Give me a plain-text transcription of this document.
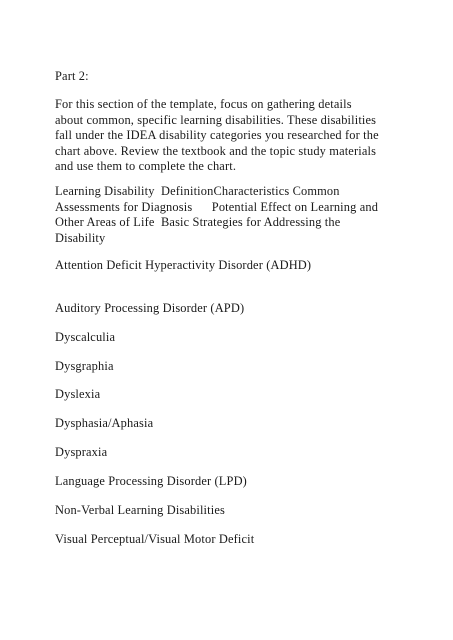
Part 2:

For this section of the template, focus on gathering details
about common, specific learning disabilities. These disabilities
fall under the IDEA disability categories you researched for the
chart above. Review the textbook and the topic study materials
and use them to complete the chart.

Learning Disability  DefinitionCharacteristics Common
Assessments for Diagnosis      Potential Effect on Learning and
Other Areas of Life  Basic Strategies for Addressing the
Disability

Attention Deficit Hyperactivity Disorder (ADHD)

Auditory Processing Disorder (APD)

Dyscalculia

Dysgraphia

Dyslexia

Dysphasia/Aphasia

Dyspraxia

Language Processing Disorder (LPD)

Non-Verbal Learning Disabilities

Visual Perceptual/Visual Motor Deficit
